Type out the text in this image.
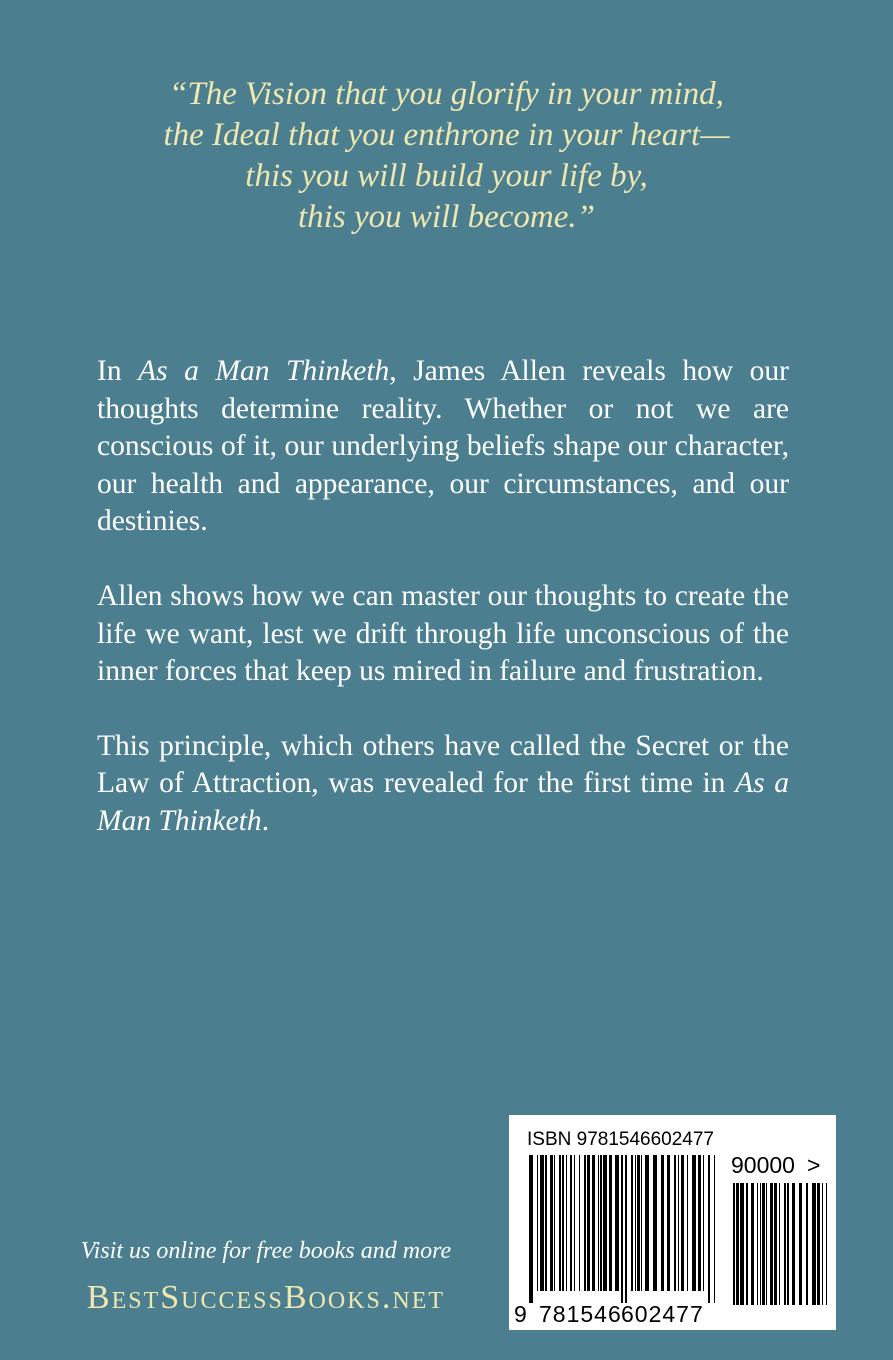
“The Vision that you glorify in your mind,
the Ideal that you enthrone in your heart—
this you will build your life by,
this you will become.”

In As a Man Thinketh, James Allen reveals how our thoughts determine reality. Whether or not we are conscious of it, our underlying beliefs shape our character, our health and appearance, our circumstances, and our destinies.

Allen shows how we can master our thoughts to create the life we want, lest we drift through life unconscious of the inner forces that keep us mired in failure and frustration.

This principle, which others have called the Secret or the Law of Attraction, was revealed for the first time in As a Man Thinketh.

Visit us online for free books and more

BestSuccessBooks.net

ISBN 9781546602477
90000 >
9 781546 602477
